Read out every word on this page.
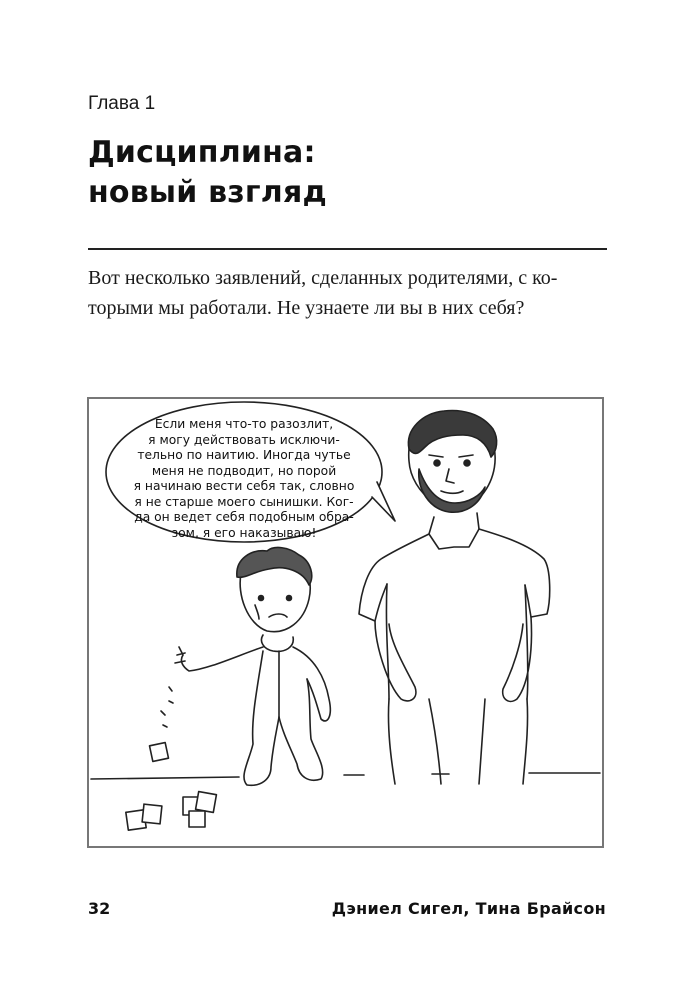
Глава 1
Дисциплина:
новый взгляд
Вот несколько заявлений, сделанных родителями, с ко-
торыми мы работали. Не узнаете ли вы в них себя?
Если меня что-то разозлит,
я могу действовать исключи-
тельно по наитию. Иногда чутье
меня не подводит, но порой
я начинаю вести себя так, словно
я не старше моего сынишки. Ког-
да он ведет себя подобным обра-
зом, я его наказываю!
32	Дэниел Сигел, Тина Брайсон
